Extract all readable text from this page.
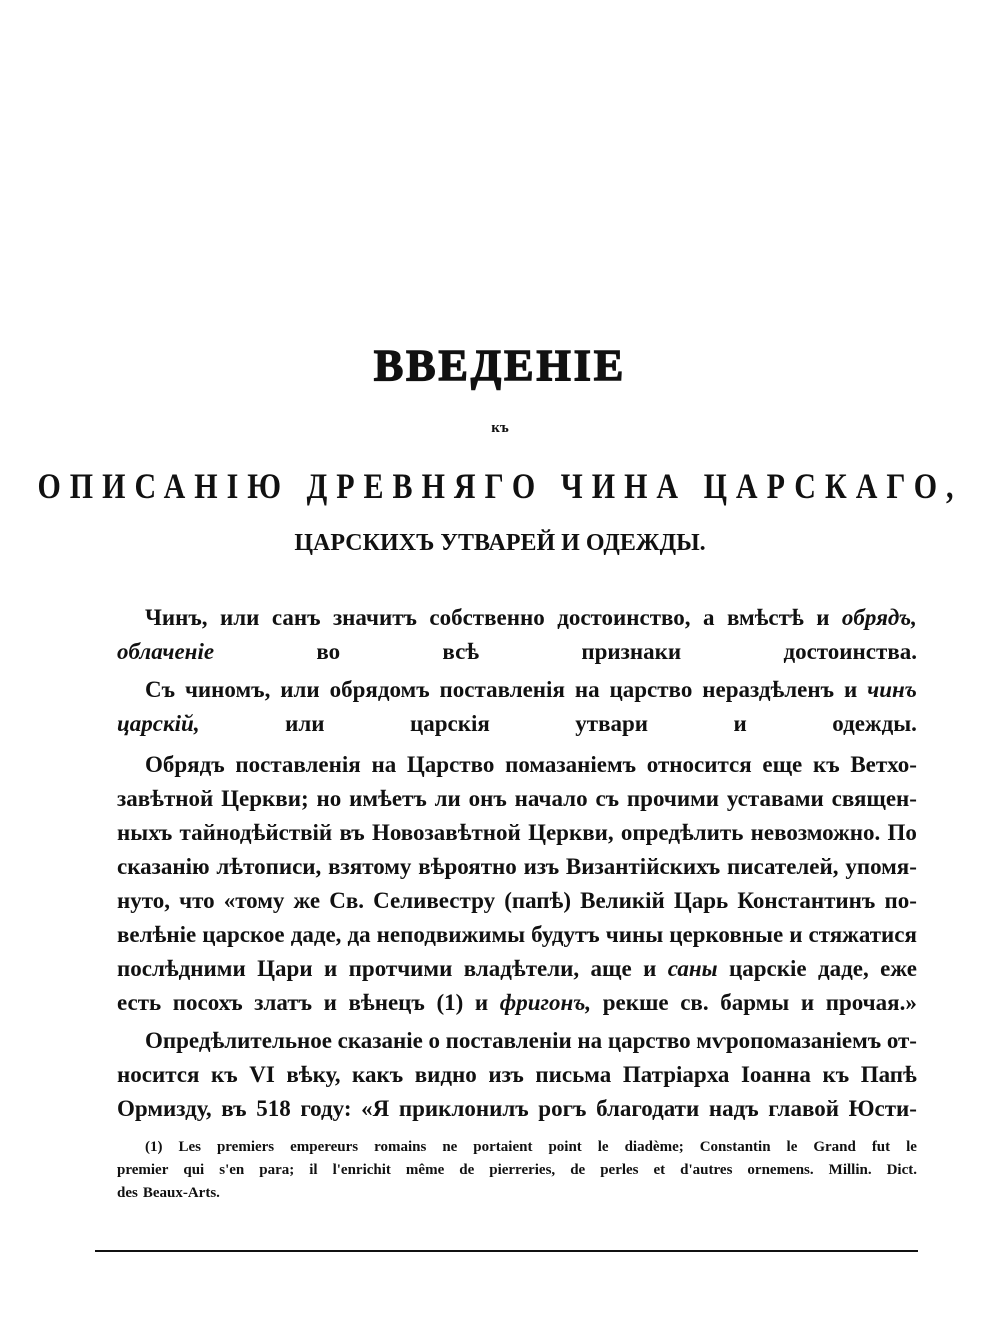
ВВЕДЕНІЕ
къ
ОПИСАНІЮ ДРЕВНЯГО ЧИНА ЦАРСКАГО,
ЦАРСКИХЪ УТВАРЕЙ И ОДЕЖДЫ.
Чинъ, или санъ значитъ собственно достоинство, а вмѣстѣ и обрядъ,
облаченіе	во	всѣ	признаки	достоинства.
Съ чиномъ, или обрядомъ поставленія на царство нераздѣленъ и чинъ
царскій,	или	царскія	утвари	и	одежды.
Обрядъ поставленія на Царство помазаніемъ относится еще къ Ветхо-
завѣтной Церкви; но имѣетъ ли онъ начало съ прочими уставами священ-
ныхъ тайнодѣйствій въ Новозавѣтной Церкви, опредѣлить невозможно. По
сказанію лѣтописи, взятому вѣроятно изъ Византійскихъ писателей, упомя-
нуто, что «тому же Св. Селивестру (папѣ) Великій Царь Константинъ по-
велѣніе царское даде, да неподвижимы будутъ чины церковные и стяжатися
послѣдними Цари и протчими владѣтели, аще и саны царскіе даде, еже
есть посохъ златъ и вѣнецъ (1) и фригонъ, рекше св. бармы и прочая.»
Опредѣлительное сказаніе о поставленіи на царство мѵропомазаніемъ от-
носится къ VI вѣку, какъ видно изъ письма Патріарха Іоанна къ Папѣ
Ормизду, въ 518 году: «Я приклонилъ рогъ благодати надъ главой Юсти-
(1) Les premiers empereurs romains ne portaient point le diadème; Constantin le Grand fut le
premier qui s'en para; il l'enrichit même de pierreries, de perles et d'autres ornemens. Millin. Dict.
des Beaux-Arts.
